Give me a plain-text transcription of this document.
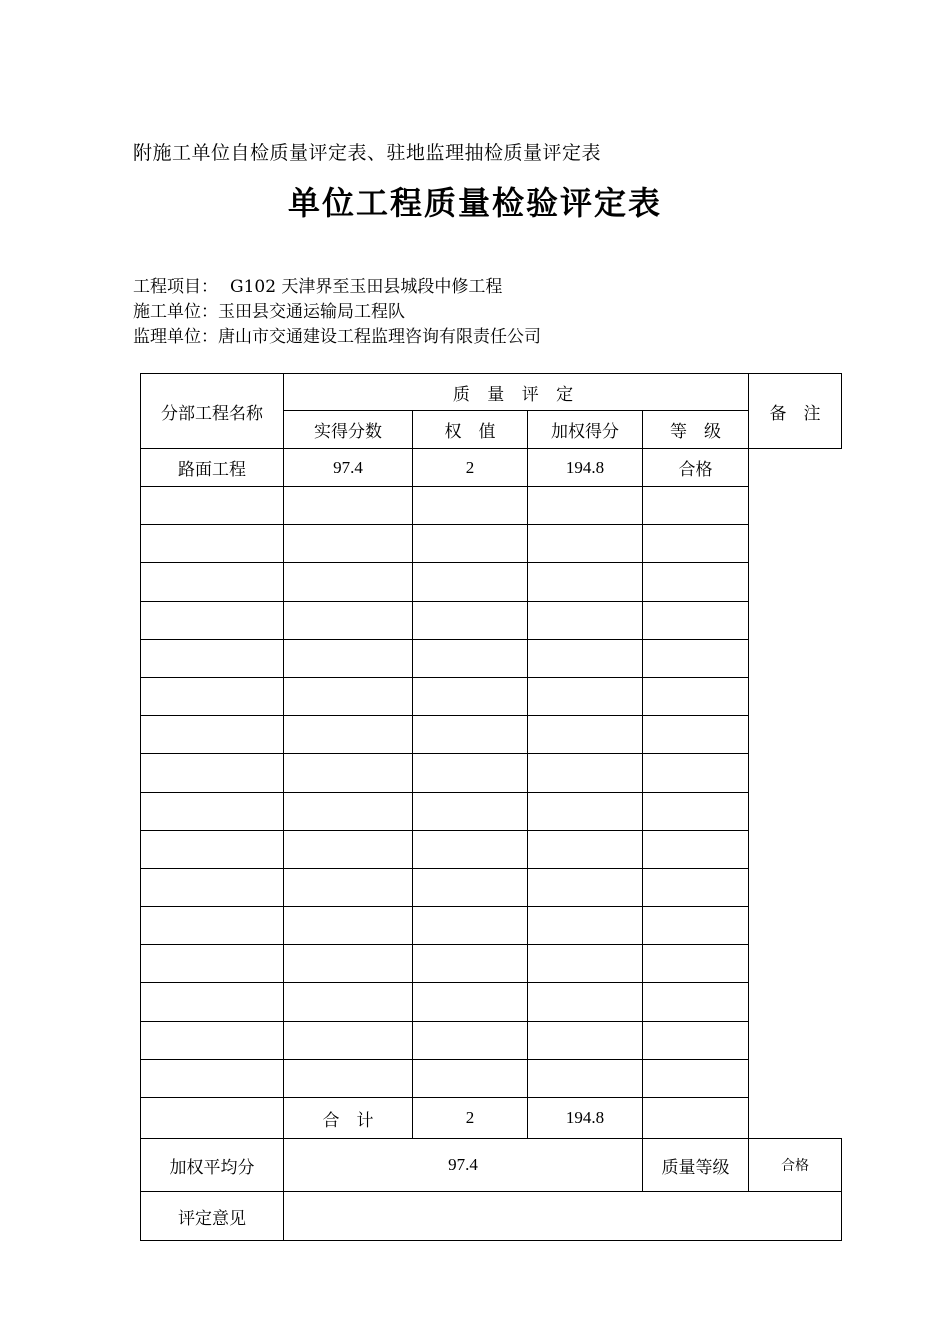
附施工单位自检质量评定表、驻地监理抽检质量评定表
单位工程质量检验评定表
工程项目： G102 天津界至玉田县城段中修工程
施工单位：玉田县交通运输局工程队
监理单位：唐山市交通建设工程监理咨询有限责任公司
分部工程名称	质 量 评 定				备　注
	实得分数	权　值	加权得分	等　级	
路面工程	97.4	2	194.8	合格	

	合　计	2	194.8		
加权平均分	97.4			质量等级	合格
评定意见					
